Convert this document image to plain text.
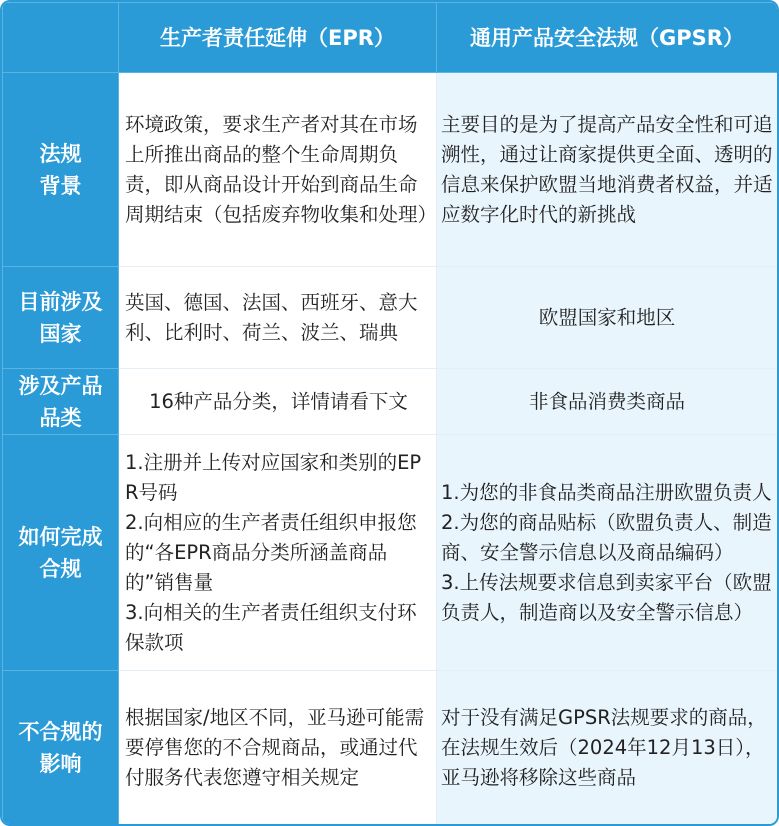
	生产者责任延伸（EPR）	通用产品安全法规（GPSR）
法规
背景	环境政策，要求生产者对其在市场上所推出商品的整个生命周期负责，即从商品设计开始到商品生命周期结束（包括废弃物收集和处理）	主要目的是为了提高产品安全性和可追溯性，通过让商家提供更全面、透明的信息来保护欧盟当地消费者权益，并适应数字化时代的新挑战
目前涉及
国家	英国、德国、法国、西班牙、意大利、比利时、荷兰、波兰、瑞典	欧盟国家和地区
涉及产品
品类	16种产品分类，详情请看下文	非食品消费类商品
如何完成
合规	1.注册并上传对应国家和类别的EPR号码
2.向相应的生产者责任组织申报您的“各EPR商品分类所涵盖商品的”销售量
3.向相关的生产者责任组织支付环保款项	1.为您的非食品类商品注册欧盟负责人
2.为您的商品贴标（欧盟负责人、制造商、安全警示信息以及商品编码）
3.上传法规要求信息到卖家平台（欧盟负责人，制造商以及安全警示信息）
不合规的
影响	根据国家/地区不同，亚马逊可能需要停售您的不合规商品，或通过代付服务代表您遵守相关规定	对于没有满足GPSR法规要求的商品，在法规生效后（2024年12月13日），亚马逊将移除这些商品
